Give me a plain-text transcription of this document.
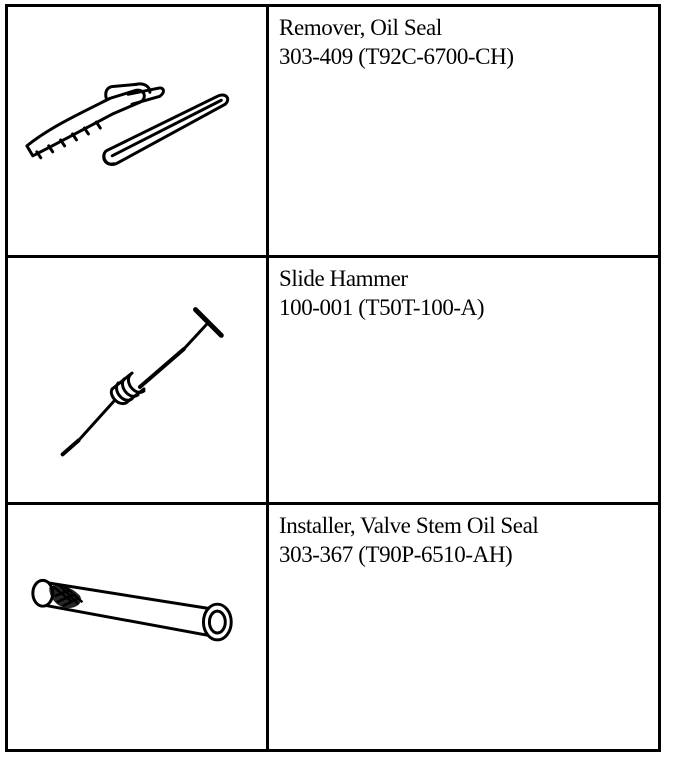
Remover, Oil Seal
303-409 (T92C-6700-CH)

Slide Hammer
100-001 (T50T-100-A)

Installer, Valve Stem Oil Seal
303-367 (T90P-6510-AH)
